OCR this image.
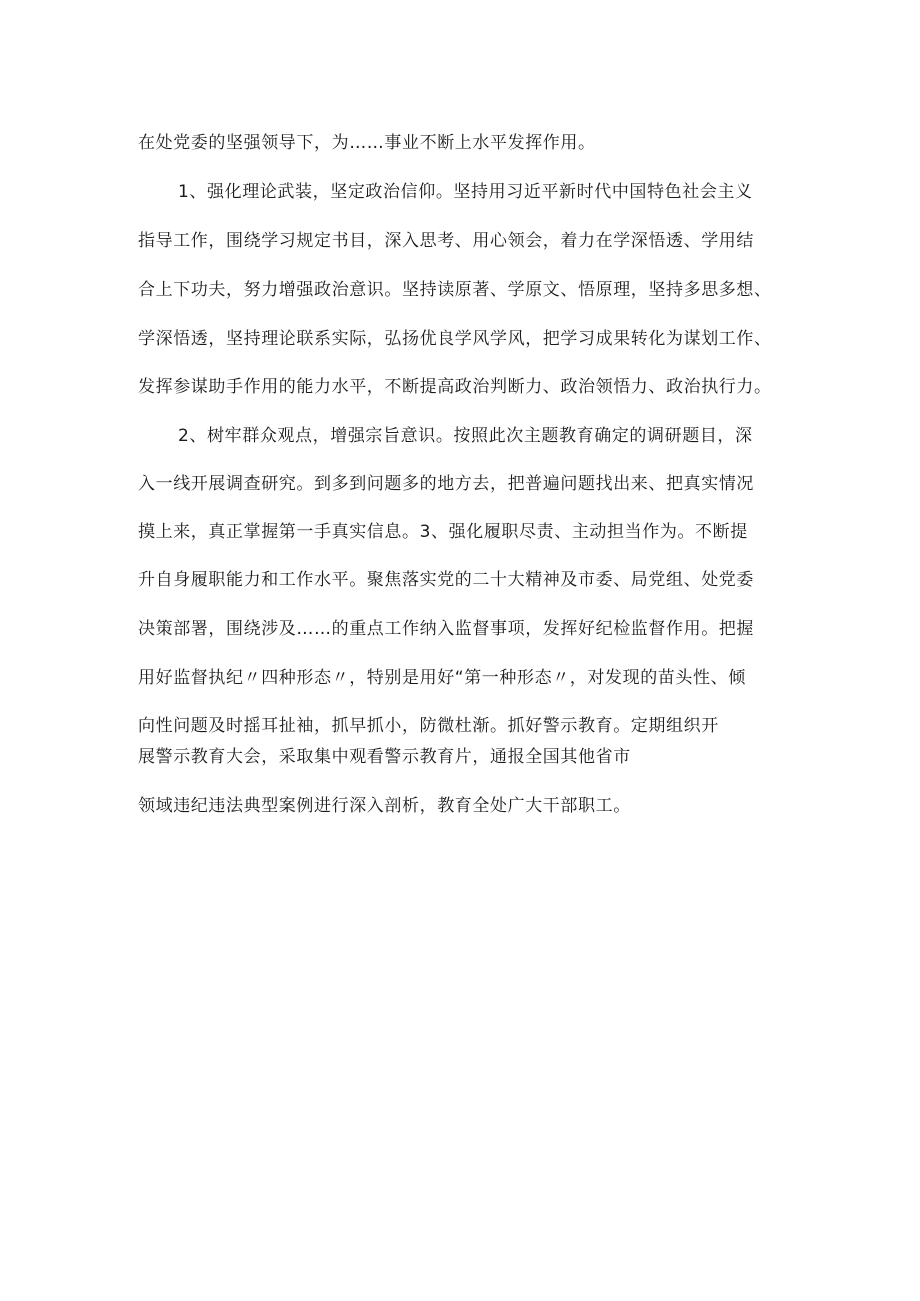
在处党委的坚强领导下，为……事业不断上水平发挥作用。
1、强化理论武装，坚定政治信仰。坚持用习近平新时代中国特色社会主义
指导工作，围绕学习规定书目，深入思考、用心领会，着力在学深悟透、学用结
合上下功夫，努力增强政治意识。坚持读原著、学原文、悟原理，坚持多思多想、
学深悟透，坚持理论联系实际，弘扬优良学风学风，把学习成果转化为谋划工作、
发挥参谋助手作用的能力水平，不断提高政治判断力、政治领悟力、政治执行力。
2、树牢群众观点，增强宗旨意识。按照此次主题教育确定的调研题目，深
入一线开展调查研究。到多到问题多的地方去，把普遍问题找出来、把真实情况
摸上来，真正掌握第一手真实信息。3、强化履职尽责、主动担当作为。不断提
升自身履职能力和工作水平。聚焦落实党的二十大精神及市委、局党组、处党委
决策部署，围绕涉及……的重点工作纳入监督事项，发挥好纪检监督作用。把握
用好监督执纪〃四种形态〃，特别是用好“第一种形态〃，对发现的苗头性、倾
向性问题及时摇耳扯袖，抓早抓小，防微杜渐。抓好警示教育。定期组织开
展警示教育大会，采取集中观看警示教育片，通报全国其他省市
领域违纪违法典型案例进行深入剖析，教育全处广大干部职工。
